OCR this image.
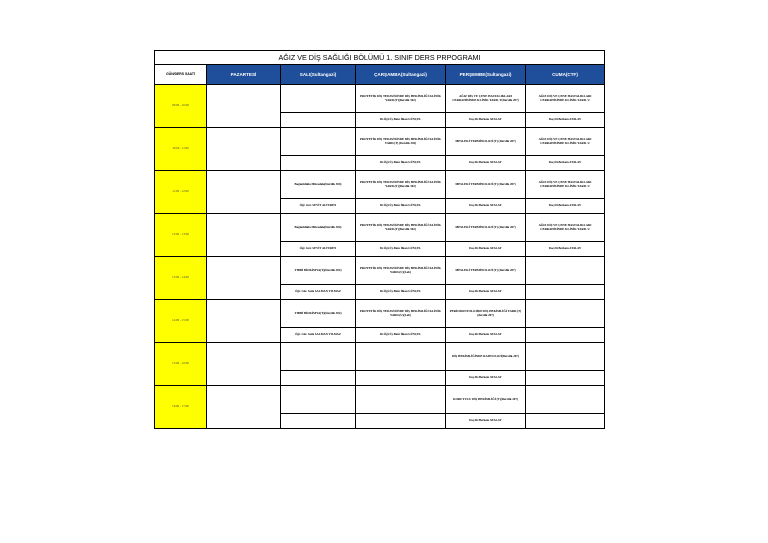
AĞIZ VE DİŞ SAĞLIĞI BÖLÜMÜ 1. SINIF DERS PRPOGRAMI					
GÜN/DERS SAATİ	PAZARTESİ	SALI(Sultangazi)	ÇARŞAMBA(Sultangazi)	PERŞEMBE(Sultangazi)	CUMA(CTF)
09:00 - 10:00			PROTETİK DİŞ TEDAVİSİNDE DİŞ HEKİMLİĞİ KLİNİK YARD.(T)(Derslik 302)	AĞIZ DİŞ VE ÇENE HASTALIKLARI CERRAHİSİNDE KLİNİK YARD. T(Derslik 207)	AĞIZ DİŞ VE ÇENE HASTALIKLARI CERRAHİSİNDE KLİNİK YARD. U
			Dr.Öğr.Üy.Batu İlkan GÜNÇEL	Doç.Dr.Berkem ATALAY	Doç.Dr.Berkem ATALAY
10:00 - 11:00			PROTETİK DİŞ TEDAVİSİNDE DİŞ HEKİMLİĞİ KLİNİK YARD.(T) (Derslik 302)	MESLEKİ TERMİNOLOJİ (T) (Derslik 207)	AĞIZ DİŞ VE ÇENE HASTALIKLARI CERRAHİSİNDE KLİNİK YARD. U
			Dr.Öğr.Üy.Batu İlkan GÜNÇEL	Doç.Dr.Berkem ATALAY	Doç.Dr.Berkem ATALAY
11:00 - 12:00		Bağımlılıkla Mücadele(Derslik 304)	PROTETİK DİŞ TEDAVİSİNDE DİŞ HEKİMLİĞİ KLİNİK YARD.(T)(Derslik 302)	MESLEKİ TERMİNOLOJİ (T) (Derslik 207)	AĞIZ DİŞ VE ÇENE HASTALIKLARI CERRAHİSİNDE KLİNİK YARD. U
		Öğr. Gör. SEVİT ALTUREN	Dr.Öğr.Üy.Batu İlkan GÜNÇEL	Doç.Dr.Berkem ATALAY	Doç.Dr.Berkem ATALAY
12:00 - 13:00		Bağımlılıkla Mücadele(Derslik 304)	PROTETİK DİŞ TEDAVİSİNDE DİŞ HEKİMLİĞİ KLİNİK YARD.(T)(Derslik 302)	MESLEKİ TERMİNOLOJİ (T) (Derslik 207)	AĞIZ DİŞ VE ÇENE HASTALIKLARI CERRAHİSİNDE KLİNİK YARD. U
		Öğr. Gör. SEVİT ALTUREN	Dr.Öğr.Üy.Batu İlkan GÜNÇEL	Doç.Dr.Berkem ATALAY	Doç.Dr.Berkem ATALAY
13:00 - 14:00		TIBBİ BİOKİMYA(T)(Derslik 304)	PROTETİK DİŞ TEDAVİSİNDE DİŞ HEKİMLİĞİ KLİNİK YARD.(U)(Lab)	MESLEKİ TERMİNOLOJİ (T) (Derslik 207)	
		Öğr. Gör. Seda SALMAN YILMAZ	Dr.Öğr.Üy.Batu İlkan GÜNÇEL	Doç.Dr.Berkem ATALAY	
14:00 - 15:00		TIBBİ BİOKİMYA(T)(Derslik 304)	PROTETİK DİŞ TEDAVİSİNDE DİŞ HEKİMLİĞİ KLİNİK YARD.(U)(Lab)	PERİODONTOLOJİDE DİŞ HEKİMLİĞİ YARD.(T) (derslik 207)	
		Öğr. Gör. Seda SALMAN YILMAZ	Dr.Öğr.Üy.Batu İlkan GÜNÇEL	Doç.Dr.Berkem ATALAY	
15:00 - 16:00				DİŞ HEKİMLİĞİNDE RADYOLOJİ(Derslik 207)	
				Doç.Dr.Berkem ATALAY	
16:00 - 17:00				KORUYUCU DİŞ HEKİMLİĞİ (T)(Derslik 207)	
				Doç.Dr.Berkem ATALAY	
